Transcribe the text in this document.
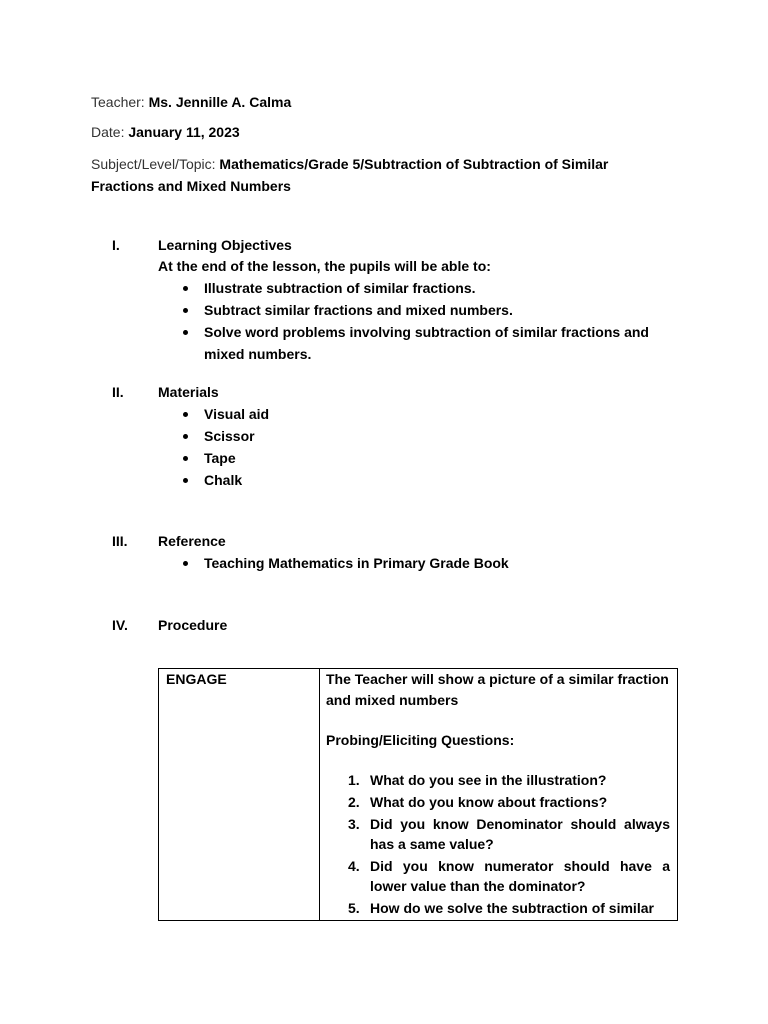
Teacher: Ms. Jennille A. Calma
Date: January 11, 2023
Subject/Level/Topic: Mathematics/Grade 5/Subtraction of Subtraction of Similar Fractions and Mixed Numbers
I.	Learning Objectives
At the end of the lesson, the pupils will be able to:
Illustrate subtraction of similar fractions.
Subtract similar fractions and mixed numbers.
Solve word problems involving subtraction of similar fractions and mixed numbers.
II. Materials
Visual aid
Scissor
Tape
Chalk
III. Reference
Teaching Mathematics in Primary Grade Book
IV. Procedure
ENGAGE	The Teacher will show a picture of a similar fraction and mixed numbers

Probing/Eliciting Questions:

1. What do you see in the illustration?
2. What do you know about fractions?
3. Did you know Denominator should always has a same value?
4. Did you know numerator should have a lower value than the dominator?
5. How do we solve the subtraction of similar
